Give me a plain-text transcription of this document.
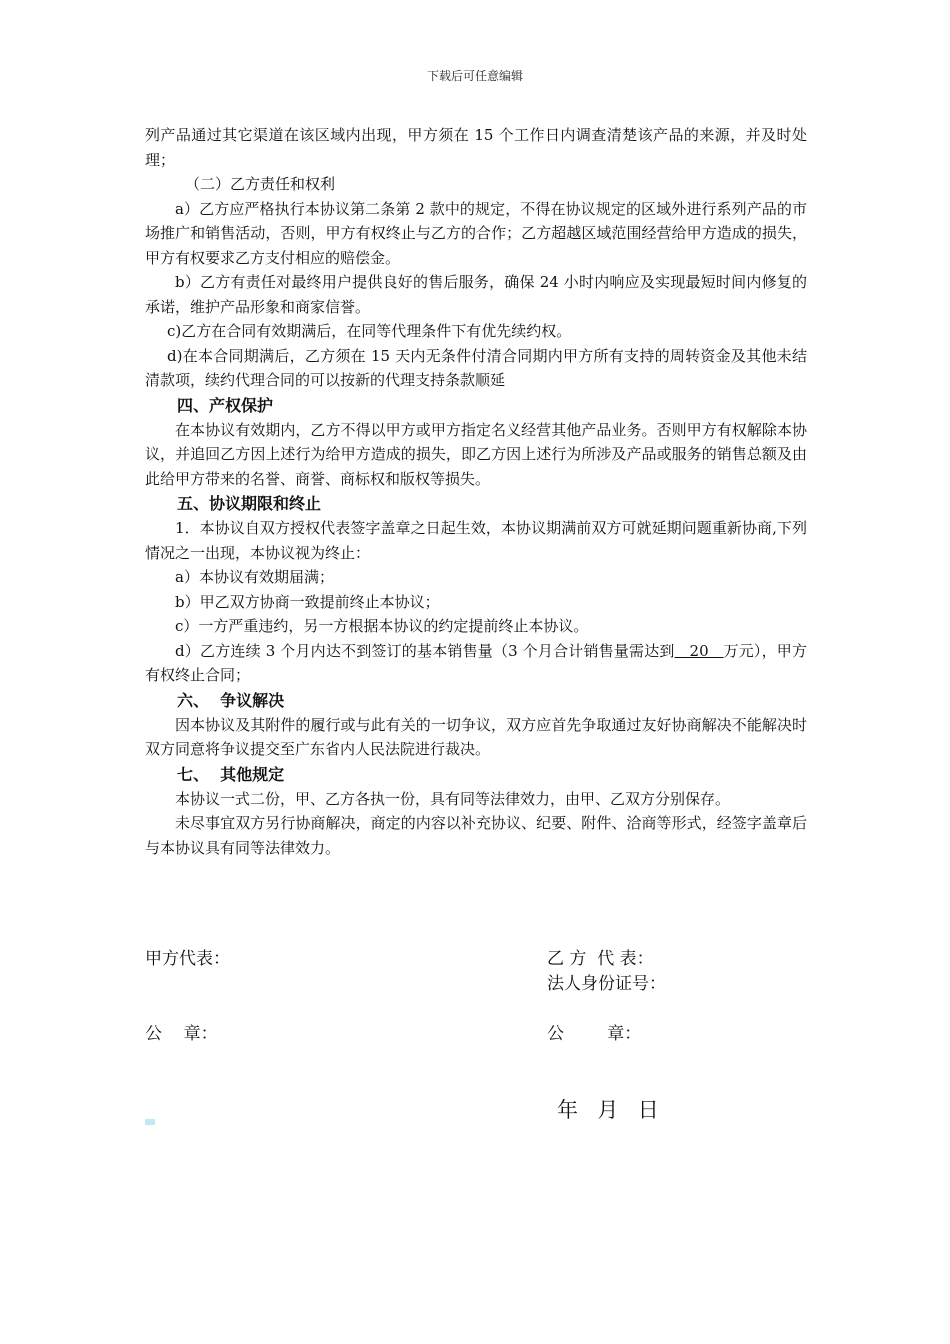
下载后可任意编辑

列产品通过其它渠道在该区域内出现，甲方须在 15 个工作日内调查清楚该产品的来源，并及时处理；

（二）乙方责任和权利

a）乙方应严格执行本协议第二条第 2 款中的规定，不得在协议规定的区域外进行系列产品的市场推广和销售活动，否则，甲方有权终止与乙方的合作；乙方超越区域范围经营给甲方造成的损失，甲方有权要求乙方支付相应的赔偿金。

b）乙方有责任对最终用户提供良好的售后服务，确保 24 小时内响应及实现最短时间内修复的承诺，维护产品形象和商家信誉。

c)乙方在合同有效期满后，在同等代理条件下有优先续约权。

d)在本合同期满后，乙方须在 15 天内无条件付清合同期内甲方所有支持的周转资金及其他未结清款项，续约代理合同的可以按新的代理支持条款顺延

四、产权保护

在本协议有效期内，乙方不得以甲方或甲方指定名义经营其他产品业务。否则甲方有权解除本协议，并追回乙方因上述行为给甲方造成的损失，即乙方因上述行为所涉及产品或服务的销售总额及由此给甲方带来的名誉、商誉、商标权和版权等损失。

五、协议期限和终止

1．本协议自双方授权代表签字盖章之日起生效，本协议期满前双方可就延期问题重新协商,下列情况之一出现，本协议视为终止：

a）本协议有效期届满；

b）甲乙双方协商一致提前终止本协议；

c）一方严重违约，另一方根据本协议的约定提前终止本协议。

d）乙方连续 3 个月内达不到签订的基本销售量（3 个月合计销售量需达到   20   万元），甲方有权终止合同；

六、  争议解决

因本协议及其附件的履行或与此有关的一切争议，双方应首先争取通过友好协商解决不能解决时双方同意将争议提交至广东省内人民法院进行裁决。

七、  其他规定

本协议一式二份，甲、乙方各执一份，具有同等法律效力，由甲、乙双方分别保存。

未尽事宜双方另行协商解决，商定的内容以补充协议、纪要、附件、洽商等形式，经签字盖章后与本协议具有同等法律效力。

甲方代表：	乙 方  代 表：
法人身份证号：
公    章：	公        章：
年  月  日
